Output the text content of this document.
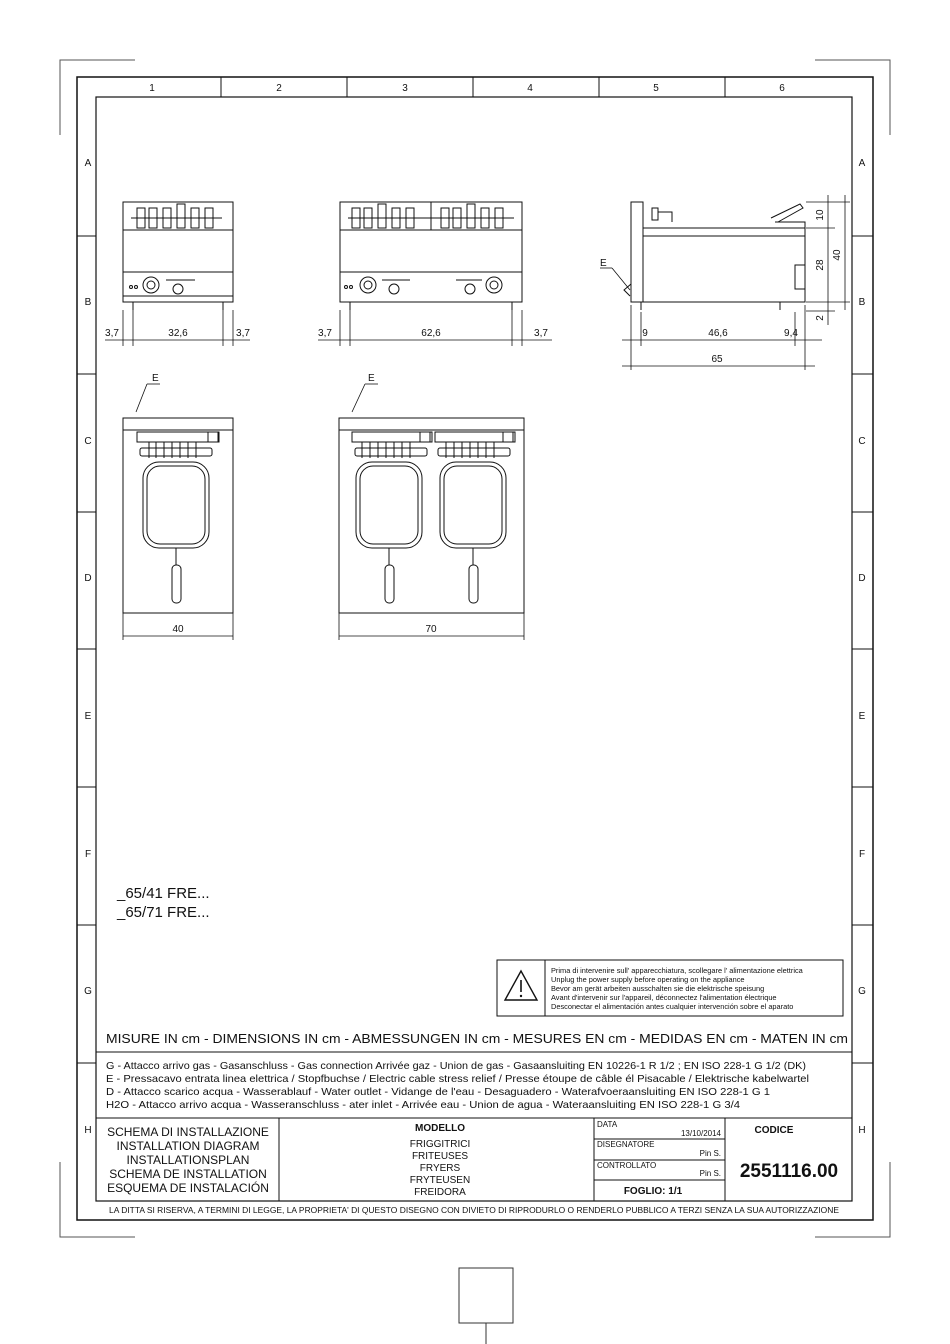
1	2	3	4	5	6
A
B
C
D
E
F
G
H
A
B
C
D
E
F
G
H
3,7	32,6	3,7	3,7	62,6	3,7
E
9	46,6	9,4
65
10
28
40
2
E
40
E
70
_65/41 FRE...
_65/71 FRE...
Prima di intervenire sull' apparecchiatura, scollegare l' alimentazione elettrica
Unplug the power supply before operating on the appliance
Bevor am gerät arbeiten ausschalten sie die elektrische speisung
Avant d'intervenir sur l'appareil, déconnectez l'alimentation électrique
Desconectar el alimentación antes cualquier intervención sobre el aparato
MISURE IN cm - DIMENSIONS IN cm - ABMESSUNGEN IN cm - MESURES EN cm - MEDIDAS EN cm - MATEN IN cm
G - Attacco arrivo gas - Gasanschluss - Gas connection Arrivée gaz - Union de gas - Gasaansluiting EN 10226-1 R 1/2 ; EN ISO 228-1 G 1/2 (DK)
E - Pressacavo entrata linea elettrica / Stopfbuchse / Electric cable stress relief / Presse étoupe de câble él Pisacable / Elektrische kabelwartel
D - Attacco scarico acqua - Wasserablauf - Water outlet - Vidange de l'eau - Desaguadero - Waterafvoeraansluiting EN ISO 228-1 G 1
H2O - Attacco arrivo acqua - Wasseranschluss - ater inlet - Arrivée eau - Union de agua - Wateraansluiting EN ISO 228-1 G 3/4
SCHEMA DI INSTALLAZIONE
INSTALLATION DIAGRAM
INSTALLATIONSPLAN
SCHEMA DE INSTALLATION
ESQUEMA DE INSTALACIÓN
MODELLO
FRIGGITRICI
FRITEUSES
FRYERS
FRYTEUSEN
FREIDORA
DATA
13/10/2014
DISEGNATORE
Pin S.
CONTROLLATO
Pin S.
FOGLIO: 1/1
CODICE
2551116.00
LA DITTA SI RISERVA, A TERMINI DI LEGGE, LA PROPRIETA' DI QUESTO DISEGNO CON DIVIETO DI RIPRODURLO O RENDERLO PUBBLICO A TERZI SENZA LA SUA AUTORIZZAZIONE
